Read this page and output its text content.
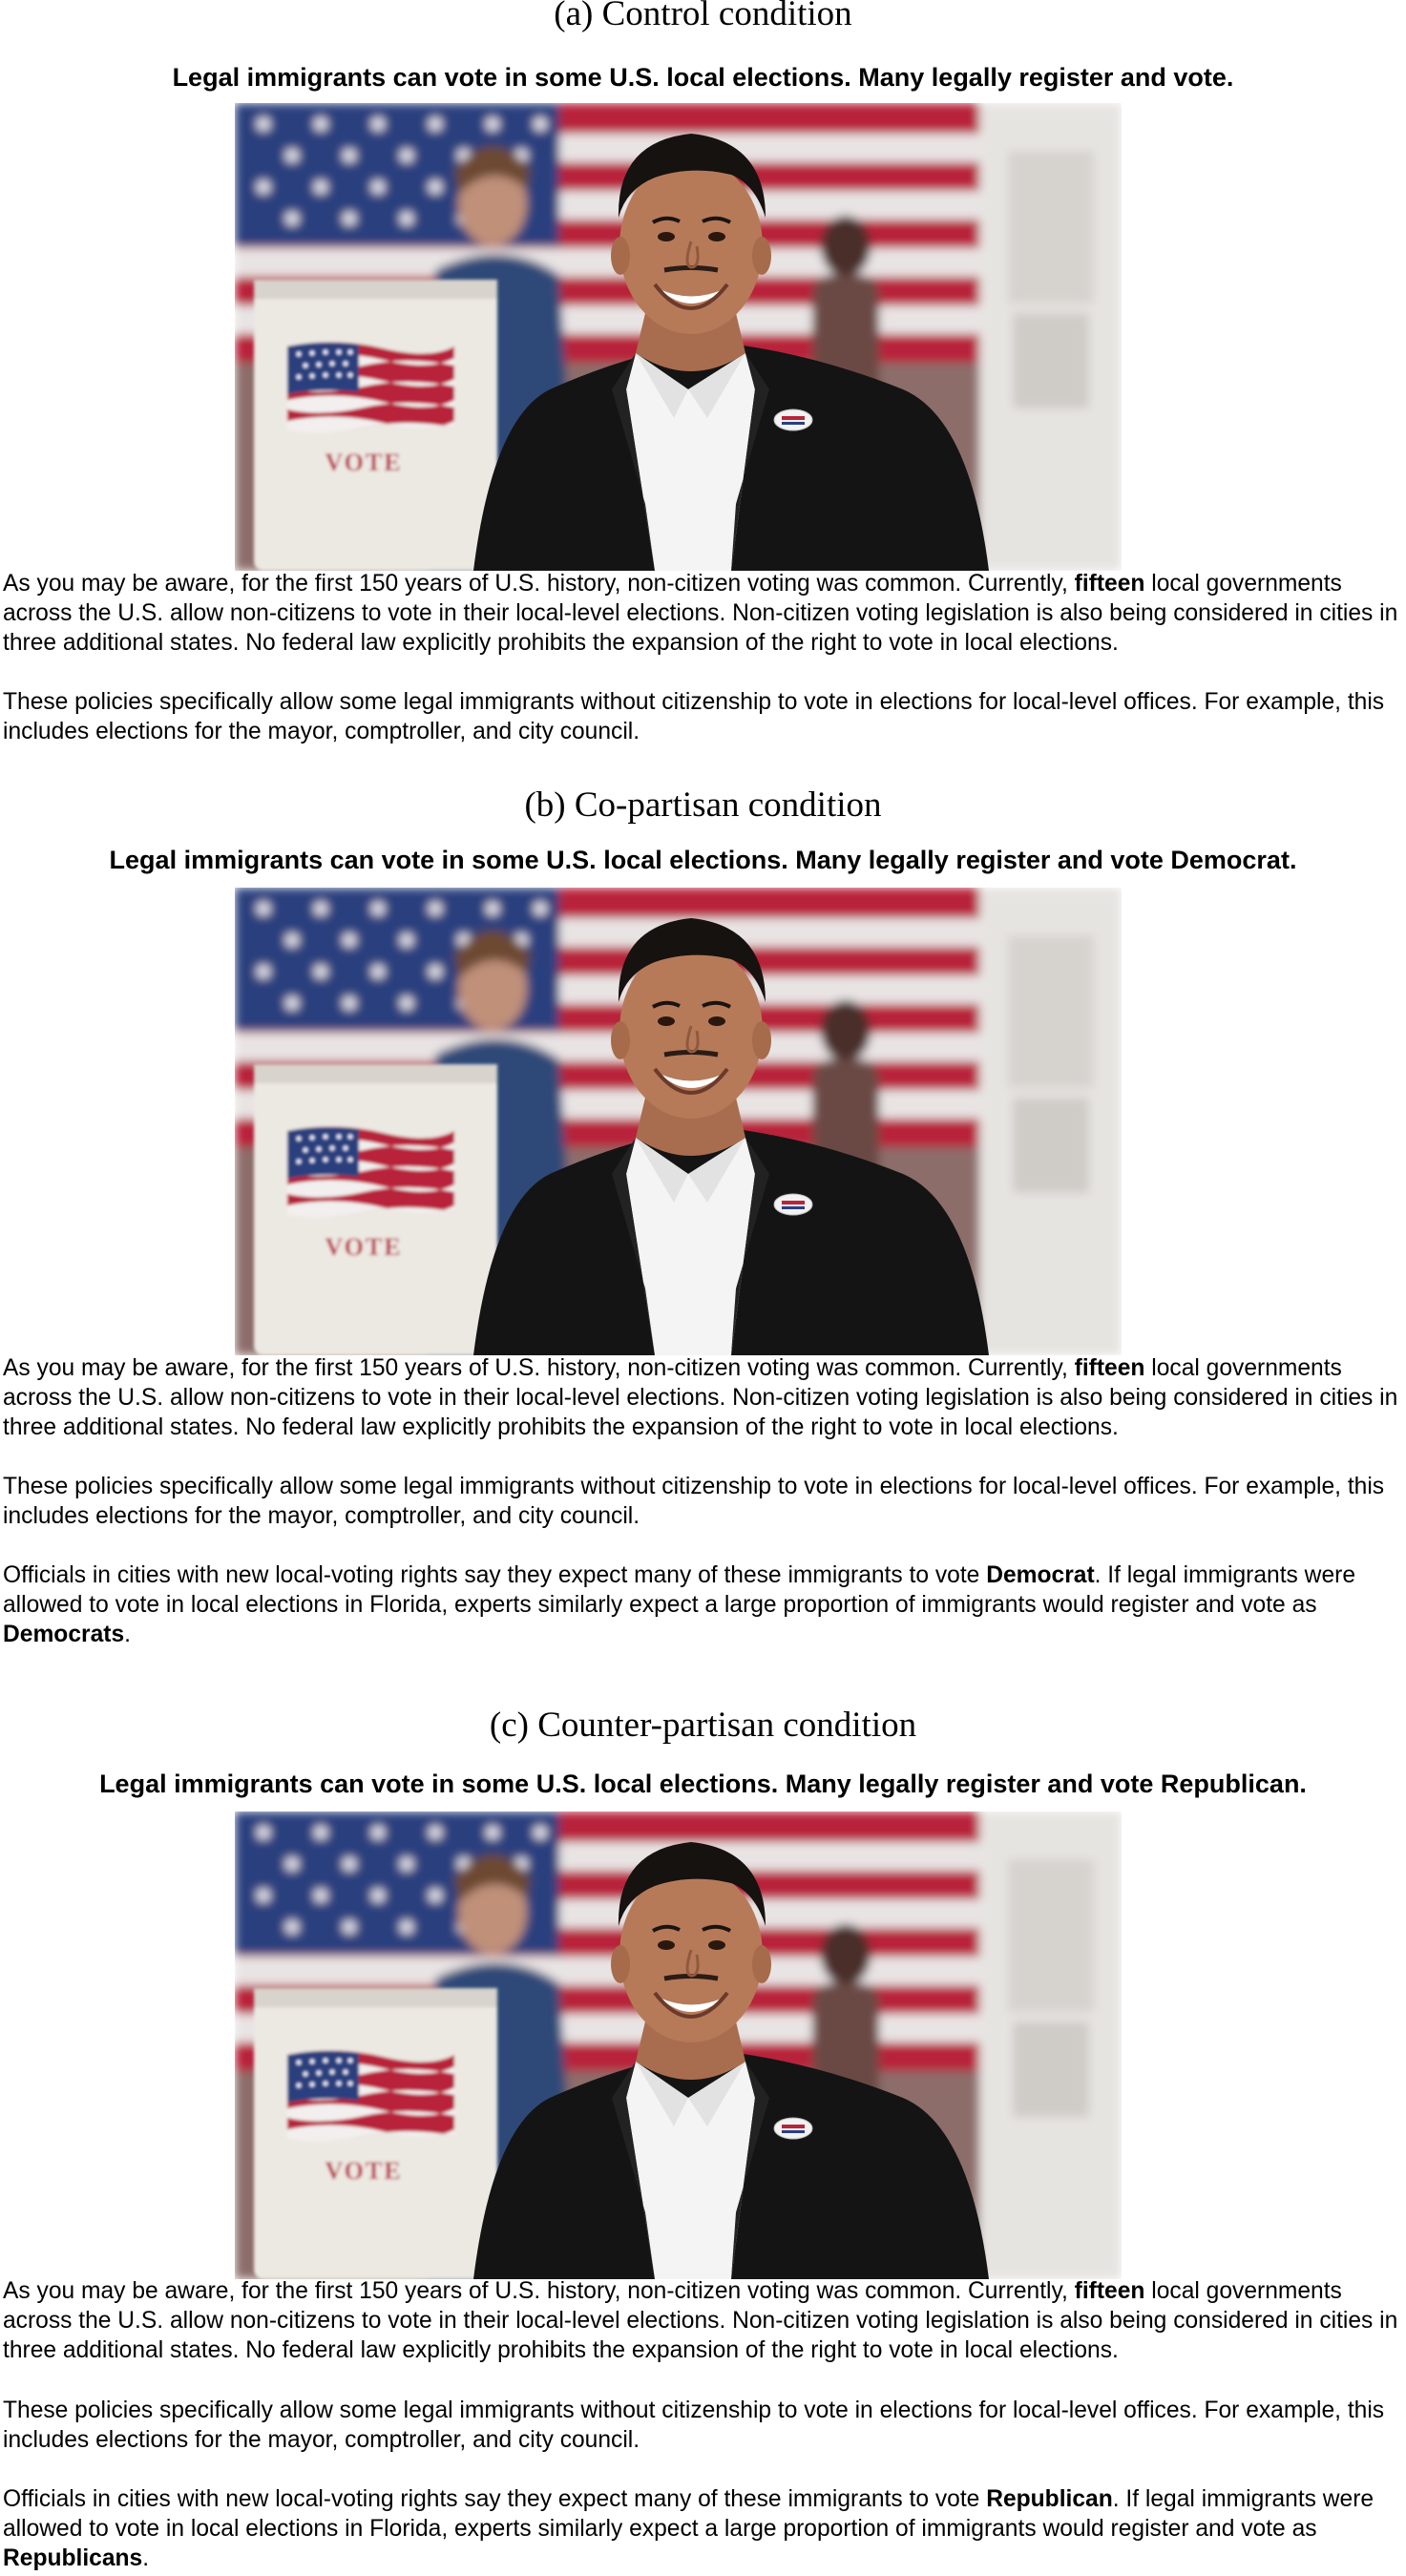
(a) Control condition
Legal immigrants can vote in some U.S. local elections. Many legally register and vote.
VOTE

As you may be aware, for the first 150 years of U.S. history, non-citizen voting was common. Currently, fifteen local governments across the U.S. allow non-citizens to vote in their local-level elections. Non-citizen voting legislation is also being considered in cities in three additional states. No federal law explicitly prohibits the expansion of the right to vote in local elections.

These policies specifically allow some legal immigrants without citizenship to vote in elections for local-level offices. For example, this includes elections for the mayor, comptroller, and city council.

(b) Co-partisan condition
Legal immigrants can vote in some U.S. local elections. Many legally register and vote Democrat.
VOTE

As you may be aware, for the first 150 years of U.S. history, non-citizen voting was common. Currently, fifteen local governments across the U.S. allow non-citizens to vote in their local-level elections. Non-citizen voting legislation is also being considered in cities in three additional states. No federal law explicitly prohibits the expansion of the right to vote in local elections.

These policies specifically allow some legal immigrants without citizenship to vote in elections for local-level offices. For example, this includes elections for the mayor, comptroller, and city council.

Officials in cities with new local-voting rights say they expect many of these immigrants to vote Democrat. If legal immigrants were allowed to vote in local elections in Florida, experts similarly expect a large proportion of immigrants would register and vote as Democrats.

(c) Counter-partisan condition
Legal immigrants can vote in some U.S. local elections. Many legally register and vote Republican.
VOTE

As you may be aware, for the first 150 years of U.S. history, non-citizen voting was common. Currently, fifteen local governments across the U.S. allow non-citizens to vote in their local-level elections. Non-citizen voting legislation is also being considered in cities in three additional states. No federal law explicitly prohibits the expansion of the right to vote in local elections.

These policies specifically allow some legal immigrants without citizenship to vote in elections for local-level offices. For example, this includes elections for the mayor, comptroller, and city council.

Officials in cities with new local-voting rights say they expect many of these immigrants to vote Republican. If legal immigrants were allowed to vote in local elections in Florida, experts similarly expect a large proportion of immigrants would register and vote as Republicans.
